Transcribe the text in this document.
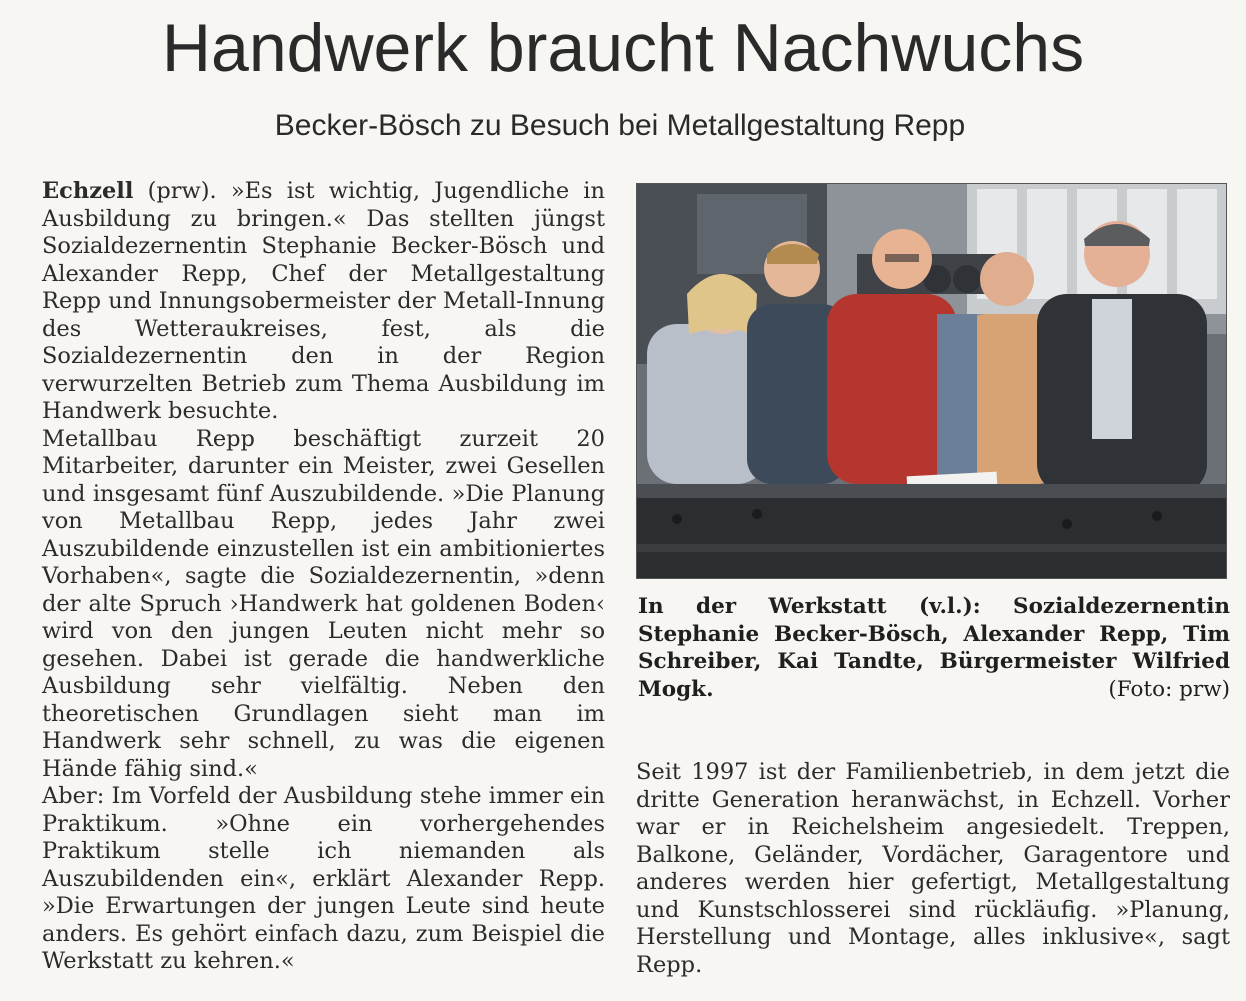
Handwerk braucht Nachwuchs
Becker-Bösch zu Besuch bei Metallgestaltung Repp

Echzell (prw). »Es ist wichtig, Jugendliche in Ausbildung zu bringen.« Das stellten jüngst Sozialdezernentin Stephanie Becker-Bösch und Alexander Repp, Chef der Metallgestaltung Repp und Innungsobermeister der Metall-Innung des Wetteraukreises, fest, als die Sozialdezernentin den in der Region verwurzelten Betrieb zum Thema Ausbildung im Handwerk besuchte.

Metallbau Repp beschäftigt zurzeit 20 Mitarbeiter, darunter ein Meister, zwei Gesellen und insgesamt fünf Auszubildende. »Die Planung von Metallbau Repp, jedes Jahr zwei Auszubildende einzustellen ist ein ambitioniertes Vorhaben«, sagte die Sozialdezernentin, »denn der alte Spruch ›Handwerk hat goldenen Boden‹ wird von den jungen Leuten nicht mehr so gesehen. Dabei ist gerade die handwerkliche Ausbildung sehr vielfältig. Neben den theoretischen Grundlagen sieht man im Handwerk sehr schnell, zu was die eigenen Hände fähig sind.«

Aber: Im Vorfeld der Ausbildung stehe immer ein Praktikum. »Ohne ein vorhergehendes Praktikum stelle ich niemanden als Auszubildenden ein«, erklärt Alexander Repp. »Die Erwartungen der jungen Leute sind heute anders. Es gehört einfach dazu, zum Beispiel die Werkstatt zu kehren.«

In der Werkstatt (v.l.): Sozialdezernentin Stephanie Becker-Bösch, Alexander Repp, Tim Schreiber, Kai Tandte, Bürgermeister Wilfried Mogk.	(Foto: prw)

Seit 1997 ist der Familienbetrieb, in dem jetzt die dritte Generation heranwächst, in Echzell. Vorher war er in Reichelsheim angesiedelt. Treppen, Balkone, Geländer, Vordächer, Garagentore und anderes werden hier gefertigt, Metallgestaltung und Kunstschlosserei sind rückläufig. »Planung, Herstellung und Montage, alles inklusive«, sagt Repp.
